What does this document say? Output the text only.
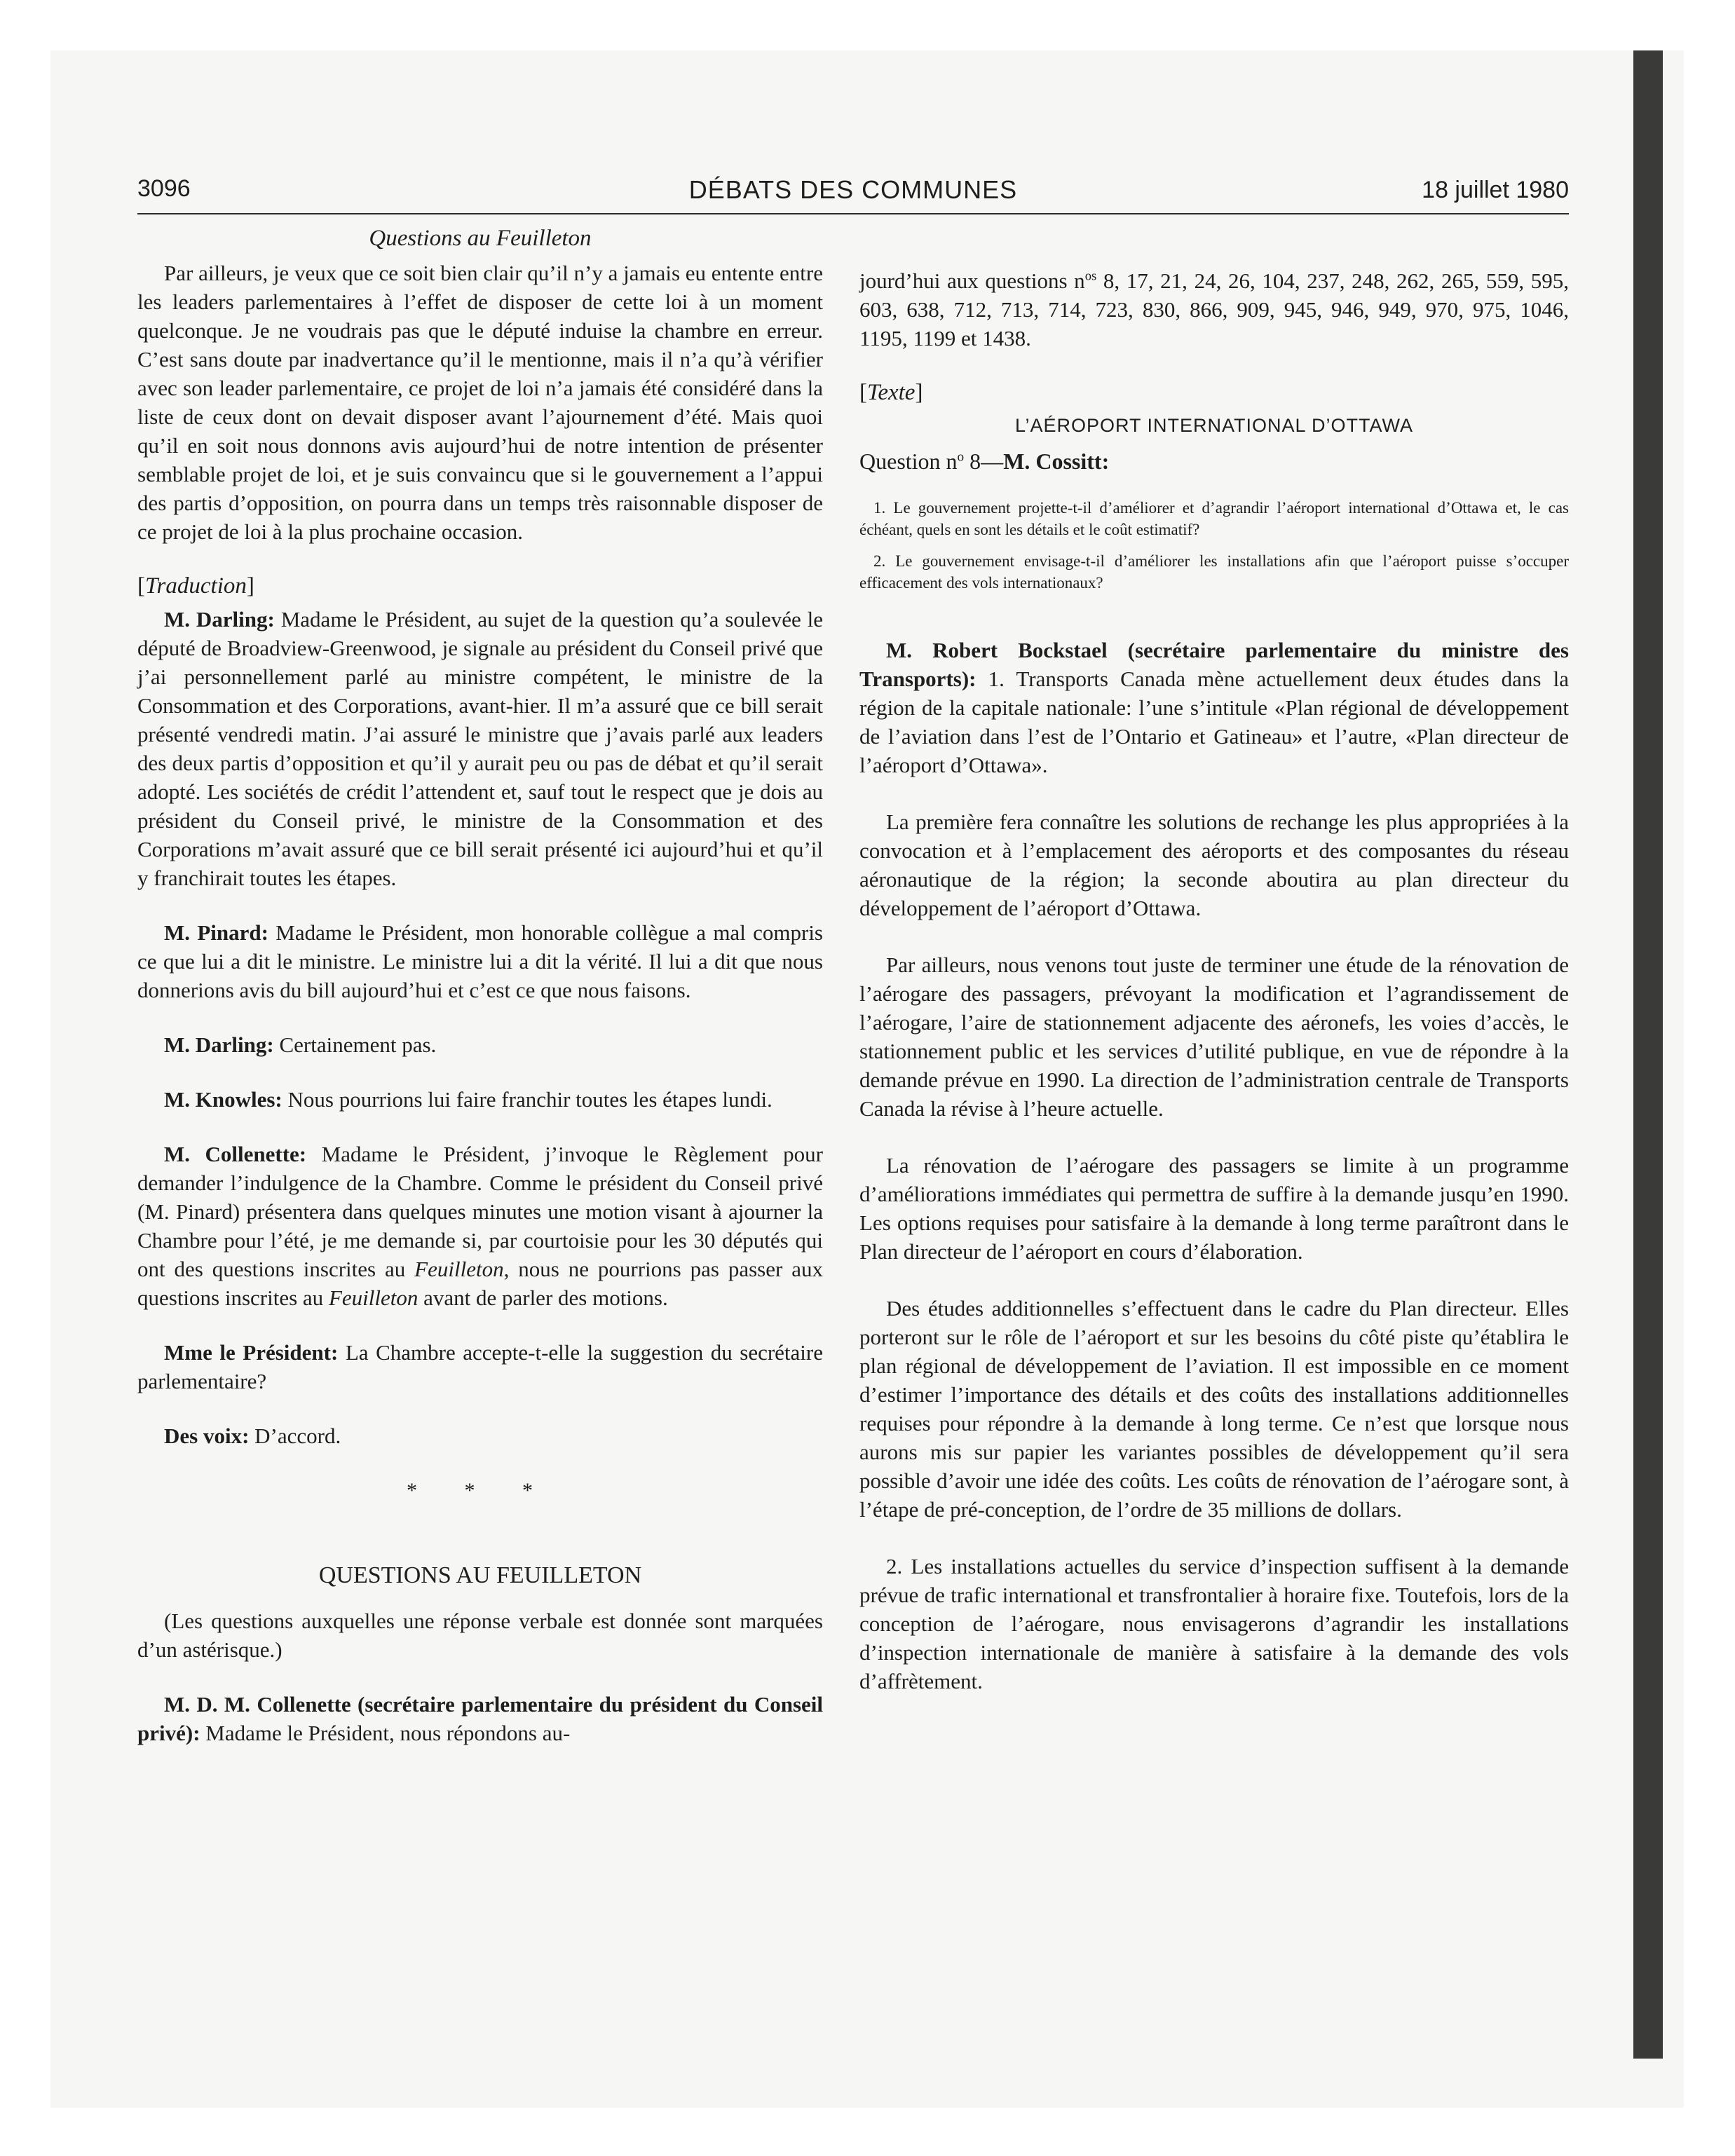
3096	DÉBATS DES COMMUNES	18 juillet 1980
Questions au Feuilleton

Par ailleurs, je veux que ce soit bien clair qu’il n’y a jamais eu entente entre les leaders parlementaires à l’effet de disposer de cette loi à un moment quelconque. Je ne voudrais pas que le député induise la chambre en erreur. C’est sans doute par inadvertance qu’il le mentionne, mais il n’a qu’à vérifier avec son leader parlementaire, ce projet de loi n’a jamais été considéré dans la liste de ceux dont on devait disposer avant l’ajournement d’été. Mais quoi qu’il en soit nous donnons avis aujourd’hui de notre intention de présenter semblable projet de loi, et je suis convaincu que si le gouvernement a l’appui des partis d’opposition, on pourra dans un temps très raisonnable disposer de ce projet de loi à la plus prochaine occasion.

[Traduction]

M. Darling: Madame le Président, au sujet de la question qu’a soulevée le député de Broadview-Greenwood, je signale au président du Conseil privé que j’ai personnellement parlé au ministre compétent, le ministre de la Consommation et des Corporations, avant-hier. Il m’a assuré que ce bill serait présenté vendredi matin. J’ai assuré le ministre que j’avais parlé aux leaders des deux partis d’opposition et qu’il y aurait peu ou pas de débat et qu’il serait adopté. Les sociétés de crédit l’attendent et, sauf tout le respect que je dois au président du Conseil privé, le ministre de la Consommation et des Corporations m’avait assuré que ce bill serait présenté ici aujourd’hui et qu’il y franchirait toutes les étapes.

M. Pinard: Madame le Président, mon honorable collègue a mal compris ce que lui a dit le ministre. Le ministre lui a dit la vérité. Il lui a dit que nous donnerions avis du bill aujourd’hui et c’est ce que nous faisons.

M. Darling: Certainement pas.

M. Knowles: Nous pourrions lui faire franchir toutes les étapes lundi.

M. Collenette: Madame le Président, j’invoque le Règlement pour demander l’indulgence de la Chambre. Comme le président du Conseil privé (M. Pinard) présentera dans quelques minutes une motion visant à ajourner la Chambre pour l’été, je me demande si, par courtoisie pour les 30 députés qui ont des questions inscrites au Feuilleton, nous ne pourrions pas passer aux questions inscrites au Feuilleton avant de parler des motions.

Mme le Président: La Chambre accepte-t-elle la suggestion du secrétaire parlementaire?

Des voix: D’accord.

* * *
QUESTIONS AU FEUILLETON

(Les questions auxquelles une réponse verbale est donnée sont marquées d’un astérisque.)

M. D. M. Collenette (secrétaire parlementaire du président du Conseil privé): Madame le Président, nous répondons au-

jourd’hui aux questions $n^{os}$ 8, 17, 21, 24, 26, 104, 237, 248, 262, 265, 559, 595, 603, 638, 712, 713, 714, 723, 830, 866, 909, 945, 946, 949, 970, 975, 1046, 1195, 1199 et 1438.

[Texte]
L’AÉROPORT INTERNATIONAL D’OTTAWA
Question $n^o$ 8—M. Cossitt:

1. Le gouvernement projette-t-il d’améliorer et d’agrandir l’aéroport international d’Ottawa et, le cas échéant, quels en sont les détails et le coût estimatif?

2. Le gouvernement envisage-t-il d’améliorer les installations afin que l’aéroport puisse s’occuper efficacement des vols internationaux?

M. Robert Bockstael (secrétaire parlementaire du ministre des Transports): 1. Transports Canada mène actuellement deux études dans la région de la capitale nationale: l’une s’intitule «Plan régional de développement de l’aviation dans l’est de l’Ontario et Gatineau» et l’autre, «Plan directeur de l’aéroport d’Ottawa».

La première fera connaître les solutions de rechange les plus appropriées à la convocation et à l’emplacement des aéroports et des composantes du réseau aéronautique de la région; la seconde aboutira au plan directeur du développement de l’aéroport d’Ottawa.

Par ailleurs, nous venons tout juste de terminer une étude de la rénovation de l’aérogare des passagers, prévoyant la modification et l’agrandissement de l’aérogare, l’aire de stationnement adjacente des aéronefs, les voies d’accès, le stationnement public et les services d’utilité publique, en vue de répondre à la demande prévue en 1990. La direction de l’administration centrale de Transports Canada la révise à l’heure actuelle.

La rénovation de l’aérogare des passagers se limite à un programme d’améliorations immédiates qui permettra de suffire à la demande jusqu’en 1990. Les options requises pour satisfaire à la demande à long terme paraîtront dans le Plan directeur de l’aéroport en cours d’élaboration.

Des études additionnelles s’effectuent dans le cadre du Plan directeur. Elles porteront sur le rôle de l’aéroport et sur les besoins du côté piste qu’établira le plan régional de développement de l’aviation. Il est impossible en ce moment d’estimer l’importance des détails et des coûts des installations additionnelles requises pour répondre à la demande à long terme. Ce n’est que lorsque nous aurons mis sur papier les variantes possibles de développement qu’il sera possible d’avoir une idée des coûts. Les coûts de rénovation de l’aérogare sont, à l’étape de pré-conception, de l’ordre de 35 millions de dollars.

2. Les installations actuelles du service d’inspection suffisent à la demande prévue de trafic international et transfrontalier à horaire fixe. Toutefois, lors de la conception de l’aérogare, nous envisagerons d’agrandir les installations d’inspection internationale de manière à satisfaire à la demande des vols d’affrètement.
